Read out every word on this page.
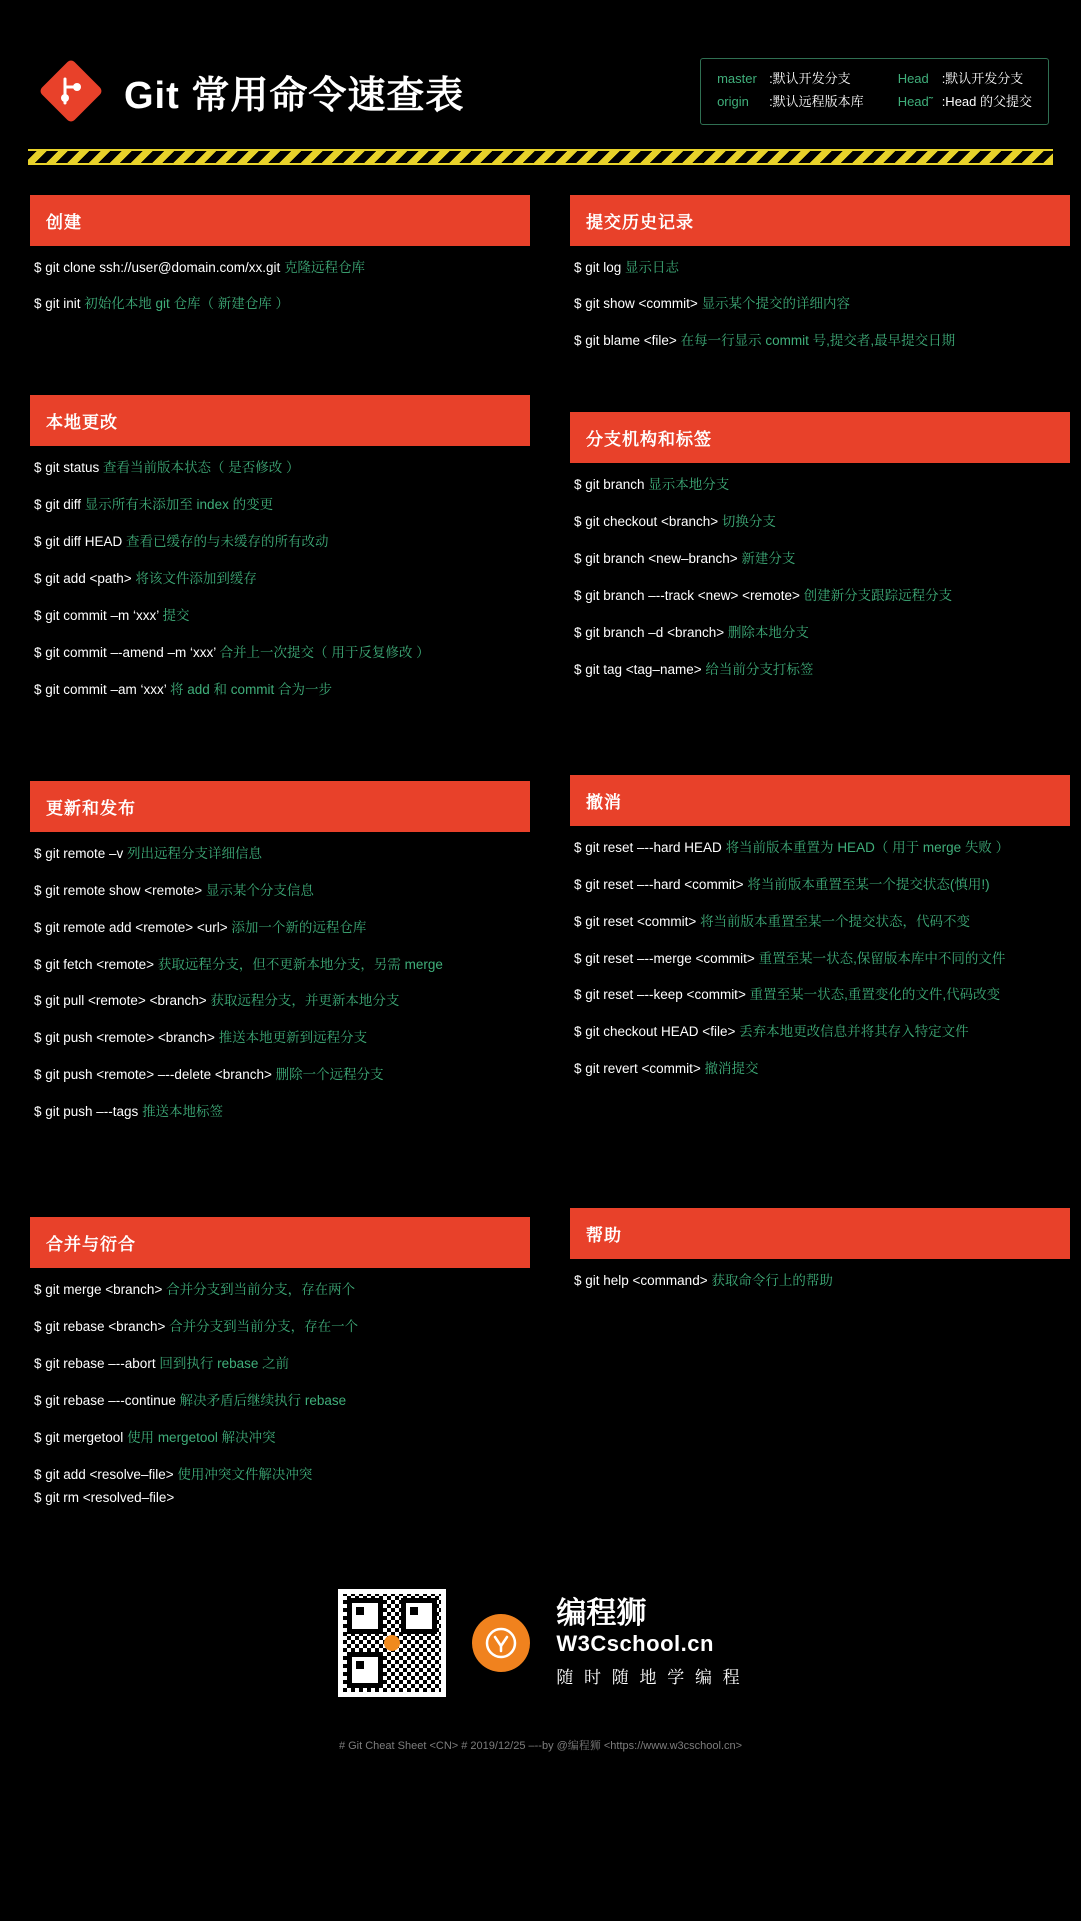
Git 常用命令速查表	master :默认开发分支
origin :默认远程版本库
Head :默认开发分支
Head˜ :Head 的父提交
创建
$ git clone ssh://user@domain.com/xx.git 克隆远程仓库
$ git init 初始化本地 git 仓库（ 新建仓库 ）
本地更改
$ git status 查看当前版本状态（ 是否修改 ）
$ git diff 显示所有未添加至 index 的变更
$ git diff HEAD 查看已缓存的与未缓存的所有改动
$ git add <path> 将该文件添加到缓存
$ git commit –m ‘xxx’ 提交
$ git commit –-amend –m ‘xxx’ 合并上一次提交（ 用于反复修改 ）
$ git commit –am ‘xxx’ 将 add 和 commit 合为一步
更新和发布
$ git remote –v 列出远程分支详细信息
$ git remote show <remote> 显示某个分支信息
$ git remote add <remote> <url> 添加一个新的远程仓库
$ git fetch <remote> 获取远程分支，但不更新本地分支，另需 merge
$ git pull <remote> <branch> 获取远程分支，并更新本地分支
$ git push <remote> <branch> 推送本地更新到远程分支
$ git push <remote> –--delete <branch> 删除一个远程分支
$ git push –--tags 推送本地标签
合并与衍合
$ git merge <branch> 合并分支到当前分支，存在两个
$ git rebase <branch> 合并分支到当前分支，存在一个
$ git rebase –--abort 回到执行 rebase 之前
$ git rebase –--continue 解决矛盾后继续执行 rebase
$ git mergetool 使用 mergetool 解决冲突
$ git add <resolve–file> 使用冲突文件解决冲突
$ git rm <resolved–file>
提交历史记录
$ git log 显示日志
$ git show <commit> 显示某个提交的详细内容
$ git blame <file> 在每一行显示 commit 号,提交者,最早提交日期
分支机构和标签
$ git branch 显示本地分支
$ git checkout <branch> 切换分支
$ git branch <new–branch> 新建分支
$ git branch –--track <new> <remote> 创建新分支跟踪远程分支
$ git branch –d <branch> 删除本地分支
$ git tag <tag–name> 给当前分支打标签
撤消
$ git reset –--hard HEAD 将当前版本重置为 HEAD（ 用于 merge 失败 ）
$ git reset –--hard <commit> 将当前版本重置至某一个提交状态(慎用!)
$ git reset <commit> 将当前版本重置至某一个提交状态，代码不变
$ git reset –--merge <commit> 重置至某一状态,保留版本库中不同的文件
$ git reset –--keep <commit> 重置至某一状态,重置变化的文件,代码改变
$ git checkout HEAD <file> 丢弃本地更改信息并将其存入特定文件
$ git revert <commit> 撤消提交
帮助
$ git help <command> 获取命令行上的帮助
编程狮
W3Cschool.cn
随 时 随 地 学 编 程
# Git Cheat Sheet <CN> # 2019/12/25 –--by @编程狮 <https://www.w3cschool.cn>
